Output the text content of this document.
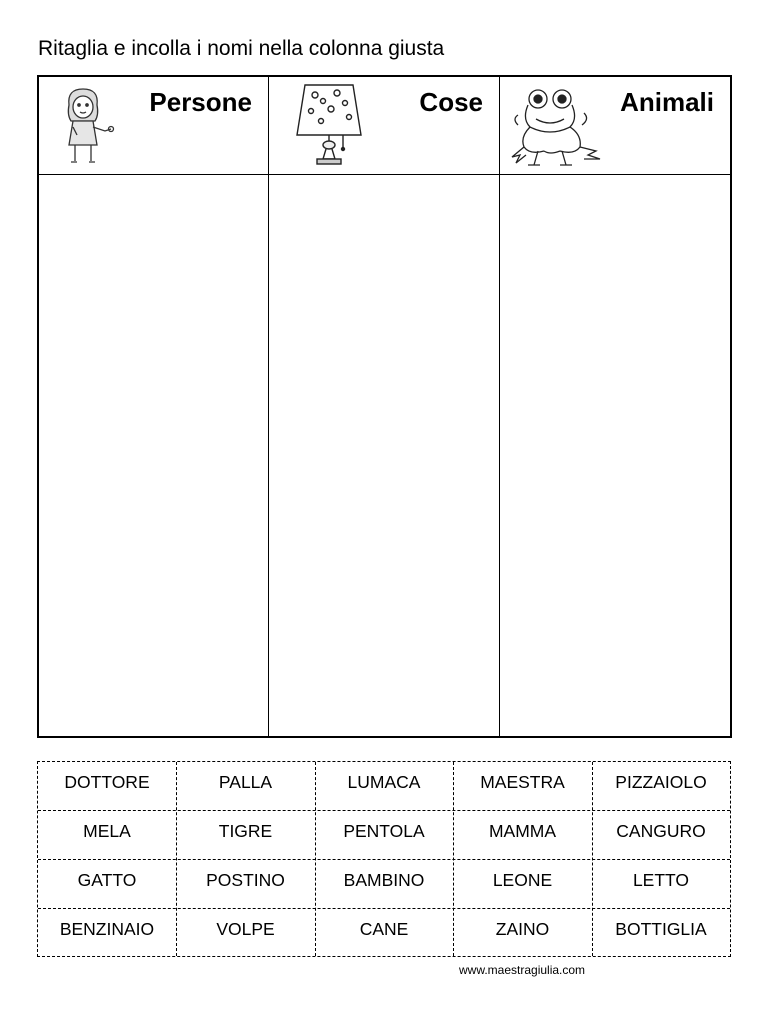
Ritaglia e incolla i nomi nella colonna giusta
Persone	Cose	Animali
DOTTORE	PALLA	LUMACA	MAESTRA	PIZZAIOLO
MELA	TIGRE	PENTOLA	MAMMA	CANGURO
GATTO	POSTINO	BAMBINO	LEONE	LETTO
BENZINAIO	VOLPE	CANE	ZAINO	BOTTIGLIA
www.maestragiulia.com
